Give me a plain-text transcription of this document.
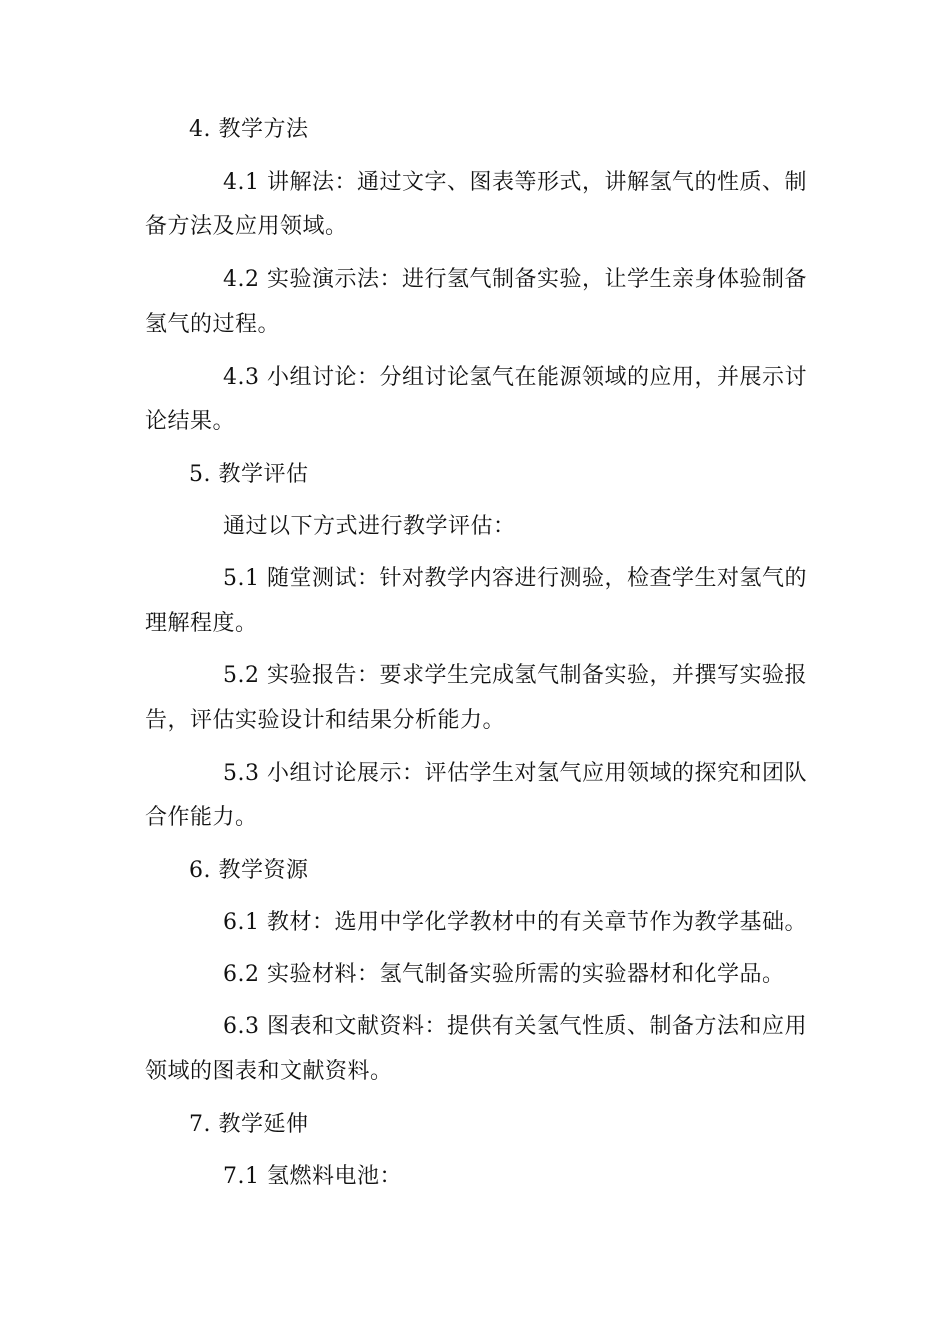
4. 教学方法
4.1 讲解法：通过文字、图表等形式，讲解氢气的性质、制
备方法及应用领域。
4.2 实验演示法：进行氢气制备实验，让学生亲身体验制备
氢气的过程。
4.3 小组讨论：分组讨论氢气在能源领域的应用，并展示讨
论结果。
5. 教学评估
通过以下方式进行教学评估：
5.1 随堂测试：针对教学内容进行测验，检查学生对氢气的
理解程度。
5.2 实验报告：要求学生完成氢气制备实验，并撰写实验报
告，评估实验设计和结果分析能力。
5.3 小组讨论展示：评估学生对氢气应用领域的探究和团队
合作能力。
6. 教学资源
6.1 教材：选用中学化学教材中的有关章节作为教学基础。
6.2 实验材料：氢气制备实验所需的实验器材和化学品。
6.3 图表和文献资料：提供有关氢气性质、制备方法和应用
领域的图表和文献资料。
7. 教学延伸
7.1 氢燃料电池：
